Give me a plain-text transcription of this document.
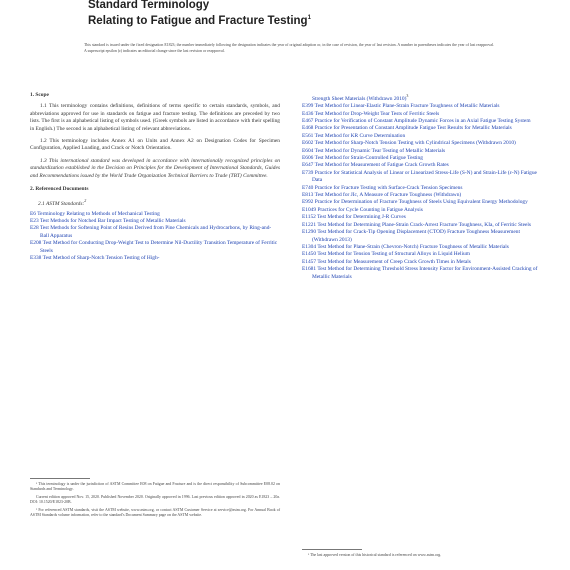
Standard Terminology
Relating to Fatigue and Fracture Testing$^1$
This standard is issued under the fixed designation E1823; the number immediately following the designation indicates the year of original adoption or, in the case of revision, the year of last revision. A number in parentheses indicates the year of last reapproval. A superscript epsilon (ε) indicates an editorial change since the last revision or reapproval.
1. Scope

1.1 This terminology contains definitions, definitions of terms specific to certain standards, symbols, and abbreviations approved for use in standards on fatigue and fracture testing. The definitions are preceded by two lists. The first is an alphabetical listing of symbols used. (Greek symbols are listed in accordance with their spelling in English.) The second is an alphabetical listing of relevant abbreviations.

1.2 This terminology includes Annex A1 on Units and Annex A2 on Designation Codes for Specimen Configuration, Applied Loading, and Crack or Notch Orientation.

1.3 This international standard was developed in accordance with internationally recognized principles on standardization established in the Decision on Principles for the Development of International Standards, Guides and Recommendations issued by the World Trade Organization Technical Barriers to Trade (TBT) Committee.

2. Referenced Documents
2.1 ASTM Standards:$^2$

E6 Terminology Relating to Methods of Mechanical Testing

E23 Test Methods for Notched Bar Impact Testing of Metallic Materials

E28 Test Methods for Softening Point of Resins Derived from Pine Chemicals and Hydrocarbons, by Ring-and-Ball Apparatus

E208 Test Method for Conducting Drop-Weight Test to Determine Nil-Ductility Transition Temperature of Ferritic Steels

E338 Test Method of Sharp-Notch Tension Testing of High-

¹ This terminology is under the jurisdiction of ASTM Committee E08 on Fatigue and Fracture and is the direct responsibility of Subcommittee E08.02 on Standards and Terminology.

Current edition approved Nov. 15, 2020. Published November 2020. Originally approved in 1996. Last previous edition approved in 2020 as E1823 – 20a. DOI: 10.1520/E1823-20B.

² For referenced ASTM standards, visit the ASTM website, www.astm.org, or contact ASTM Customer Service at service@astm.org. For Annual Book of ASTM Standards volume information, refer to the standard's Document Summary page on the ASTM website.

Strength Sheet Materials (Withdrawn 2010)$^3$

E399 Test Method for Linear-Elastic Plane-Strain Fracture Toughness of Metallic Materials

E436 Test Method for Drop-Weight Tear Tests of Ferritic Steels

E467 Practice for Verification of Constant Amplitude Dynamic Forces in an Axial Fatigue Testing System

E468 Practice for Presentation of Constant Amplitude Fatigue Test Results for Metallic Materials

E561 Test Method for KR Curve Determination

E602 Test Method for Sharp-Notch Tension Testing with Cylindrical Specimens (Withdrawn 2010)

E604 Test Method for Dynamic Tear Testing of Metallic Materials

E606 Test Method for Strain-Controlled Fatigue Testing

E647 Test Method for Measurement of Fatigue Crack Growth Rates

E739 Practice for Statistical Analysis of Linear or Linearized Stress-Life (S-N) and Strain-Life (ε-N) Fatigue Data

E740 Practice for Fracture Testing with Surface-Crack Tension Specimens

E813 Test Method for JIc, A Measure of Fracture Toughness (Withdrawn)

E992 Practice for Determination of Fracture Toughness of Steels Using Equivalent Energy Methodology

E1049 Practices for Cycle Counting in Fatigue Analysis

E1152 Test Method for Determining J-R Curves

E1221 Test Method for Determining Plane-Strain Crack-Arrest Fracture Toughness, KIa, of Ferritic Steels

E1290 Test Method for Crack-Tip Opening Displacement (CTOD) Fracture Toughness Measurement (Withdrawn 2013)

E1304 Test Method for Plane-Strain (Chevron-Notch) Fracture Toughness of Metallic Materials

E1450 Test Method for Tension Testing of Structural Alloys in Liquid Helium

E1457 Test Method for Measurement of Creep Crack Growth Times in Metals

E1681 Test Method for Determining Threshold Stress Intensity Factor for Environment-Assisted Cracking of Metallic Materials

³ The last approved version of this historical standard is referenced on www.astm.org.
